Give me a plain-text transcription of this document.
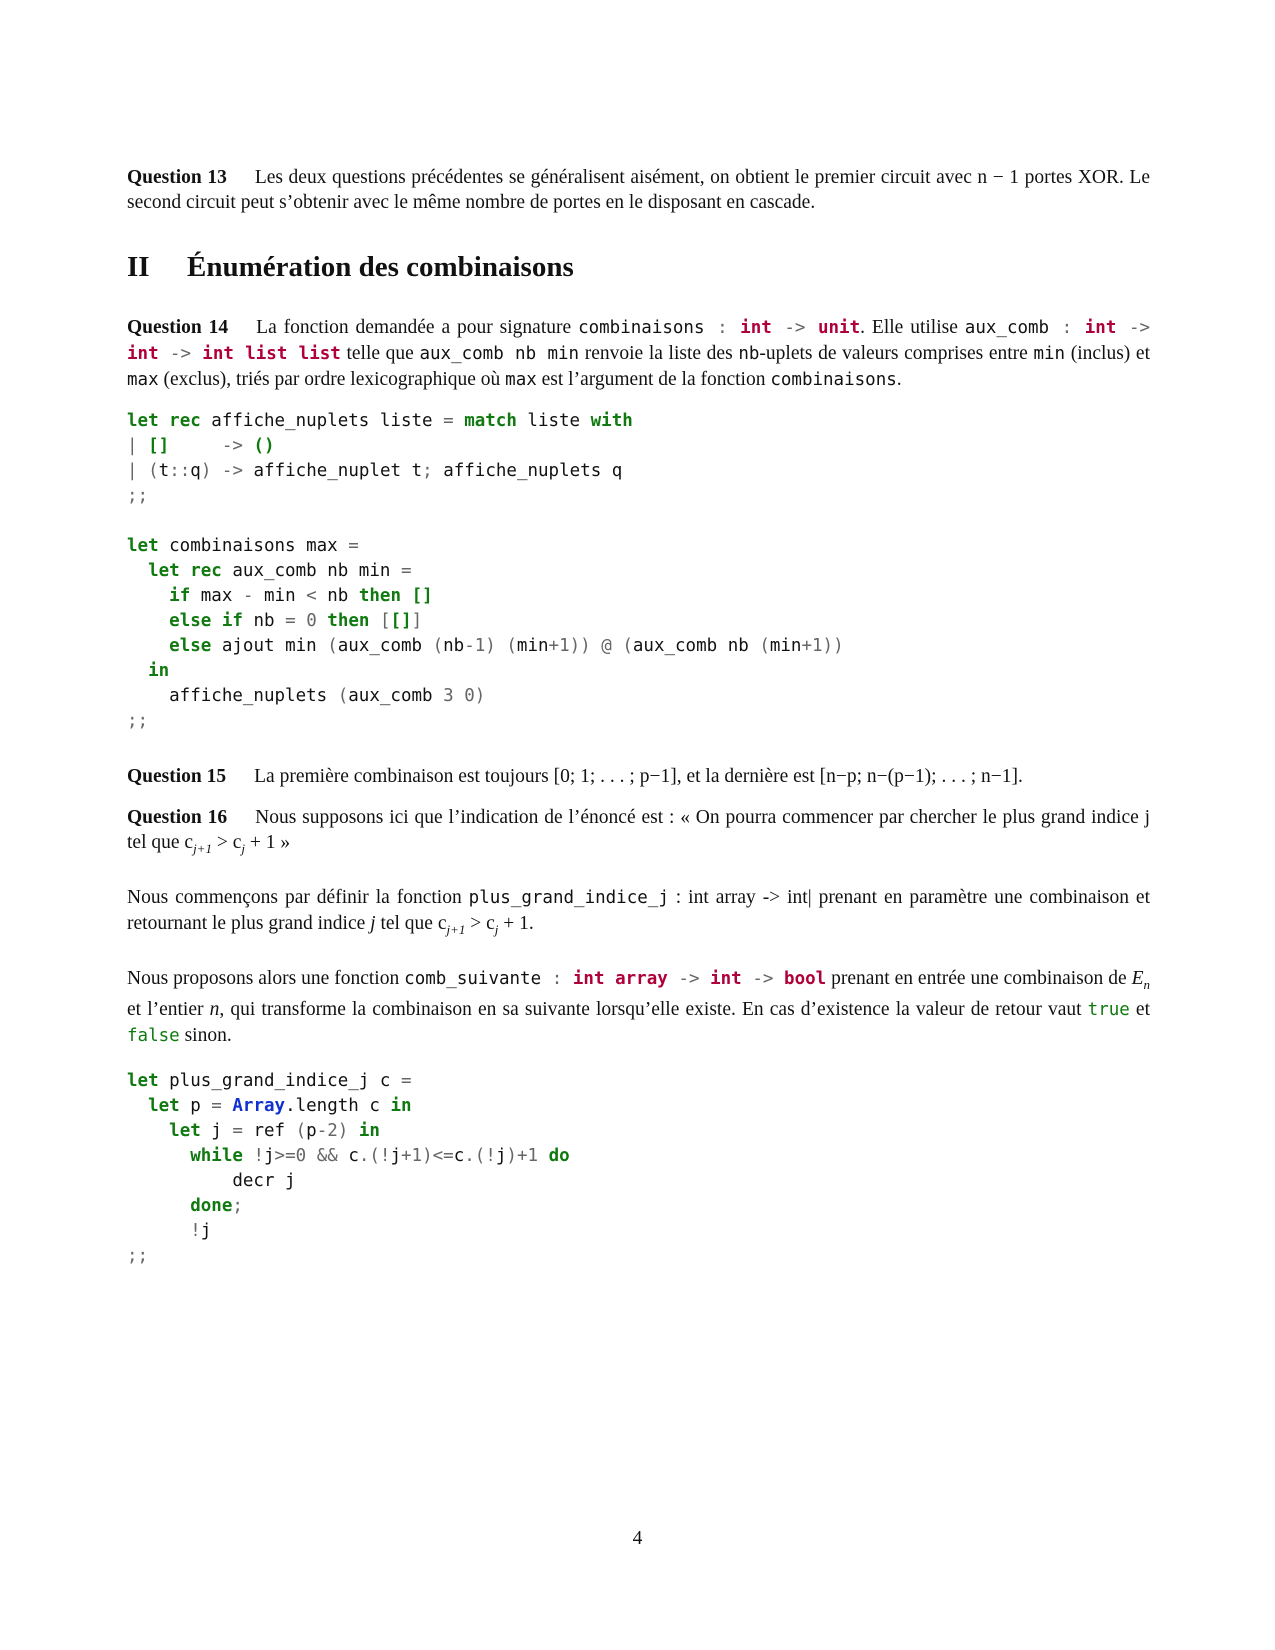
Question 13 Les deux questions précédentes se généralisent aisément, on obtient le premier circuit avec n − 1 portes XOR. Le second circuit peut s’obtenir avec le même nombre de portes en le disposant en cascade.

II Énumération des combinaisons

Question 14 La fonction demandée a pour signature combinaisons : int -> unit. Elle utilise aux_comb : int -> int -> int list list telle que aux_comb nb min renvoie la liste des nb-uplets de valeurs comprises entre min (inclus) et max (exclus), triés par ordre lexicographique où max est l’argument de la fonction combinaisons.

let rec affiche_nuplets liste = match liste with
| []	-> ()
| (t::q) -> affiche_nuplet t; affiche_nuplets q
;;

let combinaisons max =
let rec aux_comb nb min =
if max - min < nb then []
else if nb = 0 then [[]]
else ajout min (aux_comb (nb-1) (min+1)) @ (aux_comb nb (min+1))
in
affiche_nuplets (aux_comb 3 0)
;;

Question 15 La première combinaison est toujours [0; 1; . . . ; p−1], et la dernière est [n−p; n−(p−1); . . . ; n−1].

Question 16 Nous supposons ici que l’indication de l’énoncé est : « On pourra commencer par chercher le plus grand indice j tel que $c_{j+1} > c_j + 1$ »

Nous commençons par définir la fonction plus_grand_indice_j : int array -> int| prenant en paramètre une combinaison et retournant le plus grand indice j tel que $c_{j+1} > c_j + 1$.

Nous proposons alors une fonction comb_suivante : int array -> int -> bool prenant en entrée une combinaison de $E_n$ et l’entier n, qui transforme la combinaison en sa suivante lorsqu’elle existe. En cas d’existence la valeur de retour vaut true et false sinon.

let plus_grand_indice_j c =
let p = Array.length c in
let j = ref (p-2) in
while !j>=0 && c.(!j+1)<=c.(!j)+1 do
decr j
done;
!j
;;
4
